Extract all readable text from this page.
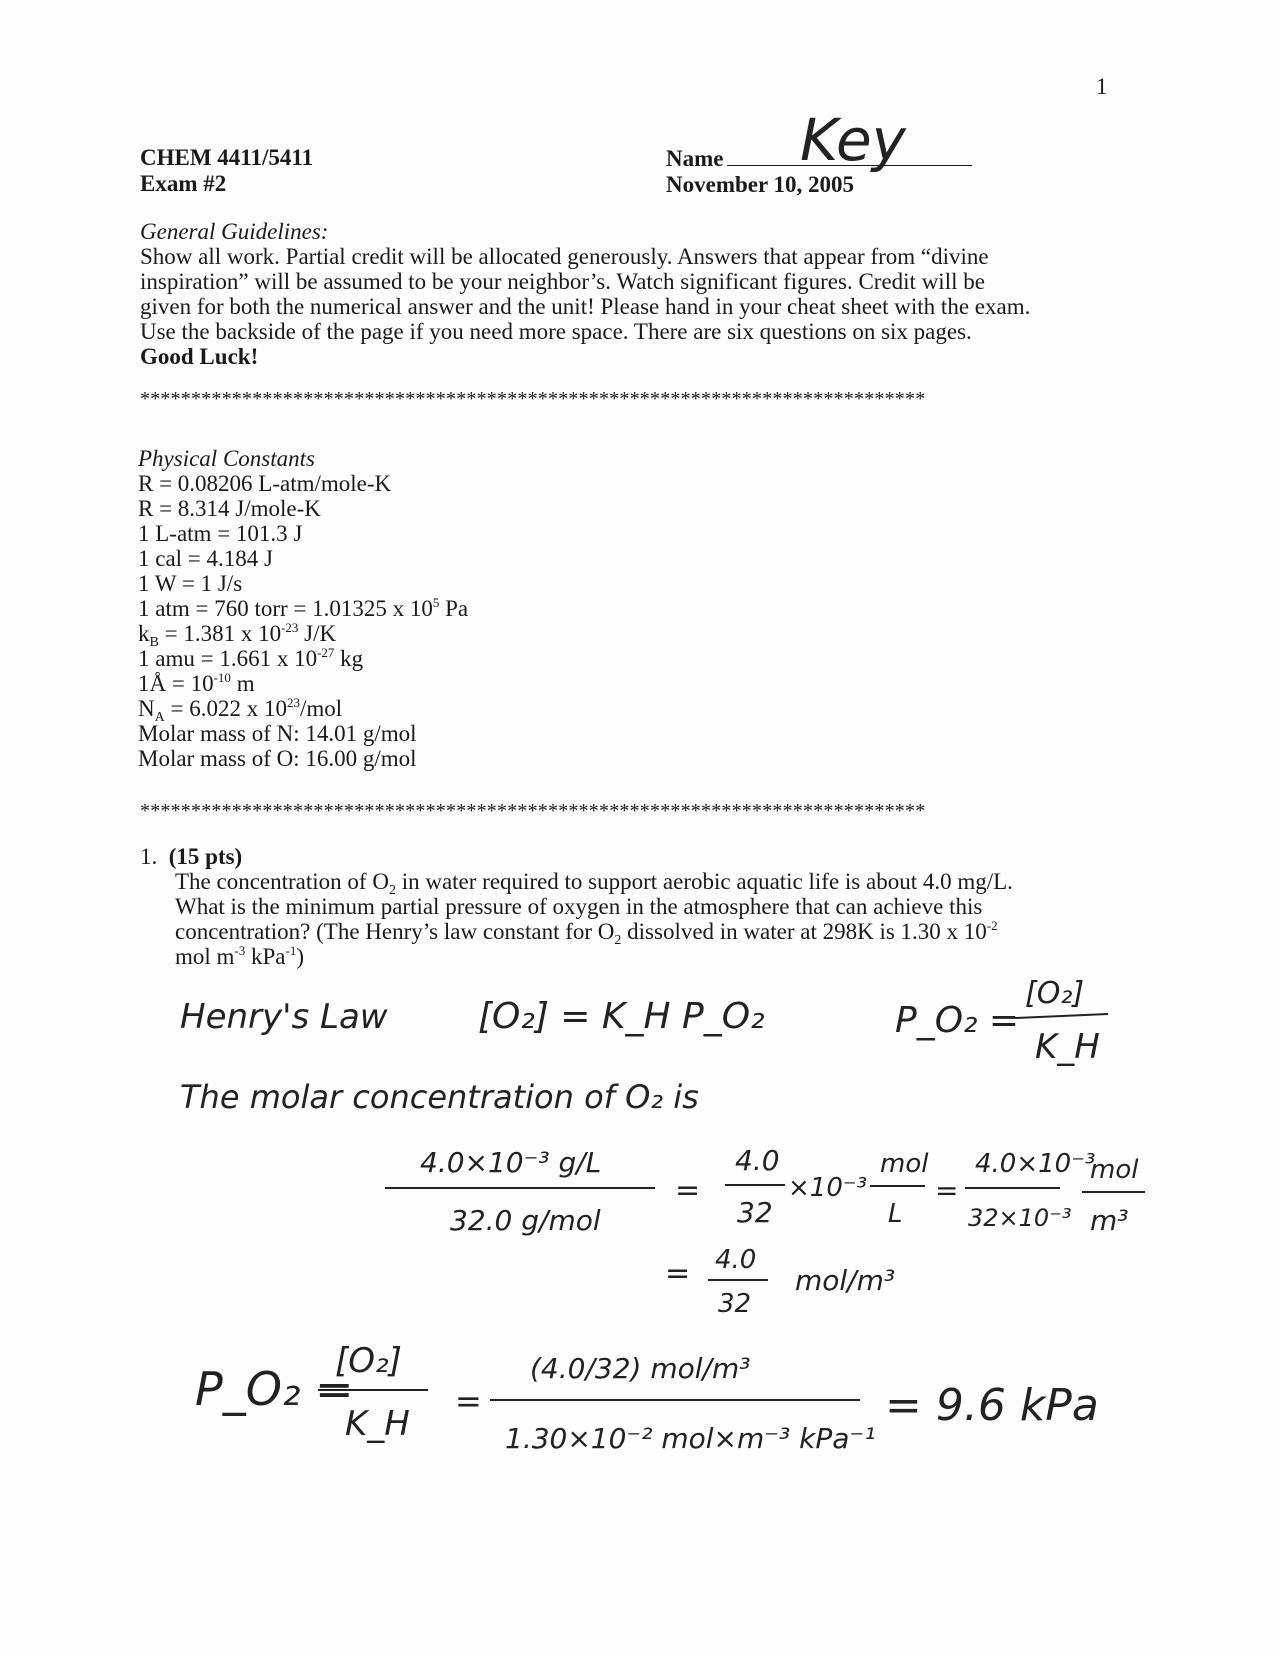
1
CHEM 4411/5411
Exam #2
Name
November 10, 2005

General Guidelines:

Show all work. Partial credit will be allocated generously. Answers that appear from “divine

inspiration” will be assumed to be your neighbor’s. Watch significant figures. Credit will be

given for both the numerical answer and the unit! Please hand in your cheat sheet with the exam.

Use the backside of the page if you need more space. There are six questions on six pages.

Good Luck!

*****************************************************************************
Physical Constants
R = 0.08206 L-atm/mole-K
R = 8.314 J/mole-K
1 L-atm = 101.3 J
1 cal = 4.184 J
1 W = 1 J/s
1 atm = 760 torr = 1.01325 x $10^5$ Pa
$k_B = 1.381$ x $10^{-23}$ J/K
1 amu = 1.661 x $10^{-27}$ kg
1Å = $10^{-10}$ m
$N_A = 6.022$ x $10^{23}$/mol
Molar mass of N: 14.01 g/mol
Molar mass of O: 16.00 g/mol
*****************************************************************************
1. (15 pts)
The concentration of $O_2$ in water required to support aerobic aquatic life is about 4.0 mg/L.
What is the minimum partial pressure of oxygen in the atmosphere that can achieve this
concentration? (The Henry’s law constant for $O_2$ dissolved in water at 298K is 1.30 x $10^{-2}$
mol $m^{-3}$ kPa$^{-1}$)
Key
Henry's Law	[O₂] = K_H P_O₂	P_O₂ =
[O₂]
K_H
The molar concentration of O₂ is
4.0×10⁻³ g/L
32.0 g/mol
=
4.0
32
×10⁻³
mol
L
=
4.0×10⁻³
32×10⁻³
mol
m³
= 4.0
32
mol/m³
P_O₂ =
[O₂]
K_H
=
(4.0/32) mol/m³
1.30×10⁻² mol×m⁻³ kPa⁻¹
= 9.6 kPa
